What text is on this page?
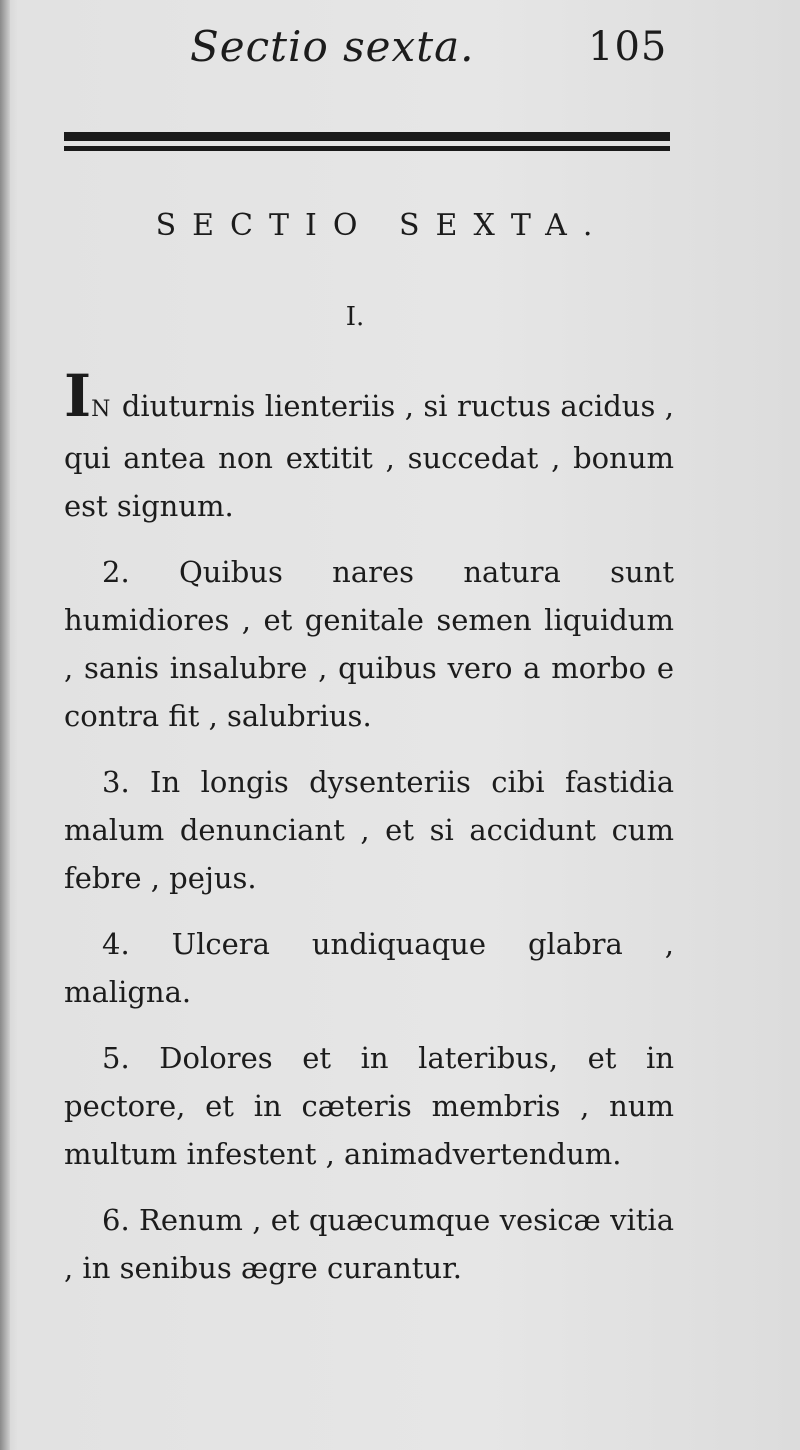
Sectio sexta.	105
SECTIO SEXTA.
I.

IN diuturnis lienteriis , si ructus acidus , qui antea non extitit , succedat , bonum est signum.

2. Quibus nares natura sunt humidiores , et genitale semen liquidum , sanis insalubre , quibus vero a morbo e contra fit , salubrius.

3. In longis dysenteriis cibi fastidia malum denunciant , et si accidunt cum febre , pejus.

4. Ulcera undiquaque glabra , maligna.

5. Dolores et in lateribus, et in pectore, et in cæteris membris , num multum infestent , animadvertendum.

6. Renum , et quæcumque vesicæ vitia , in senibus ægre curantur.
